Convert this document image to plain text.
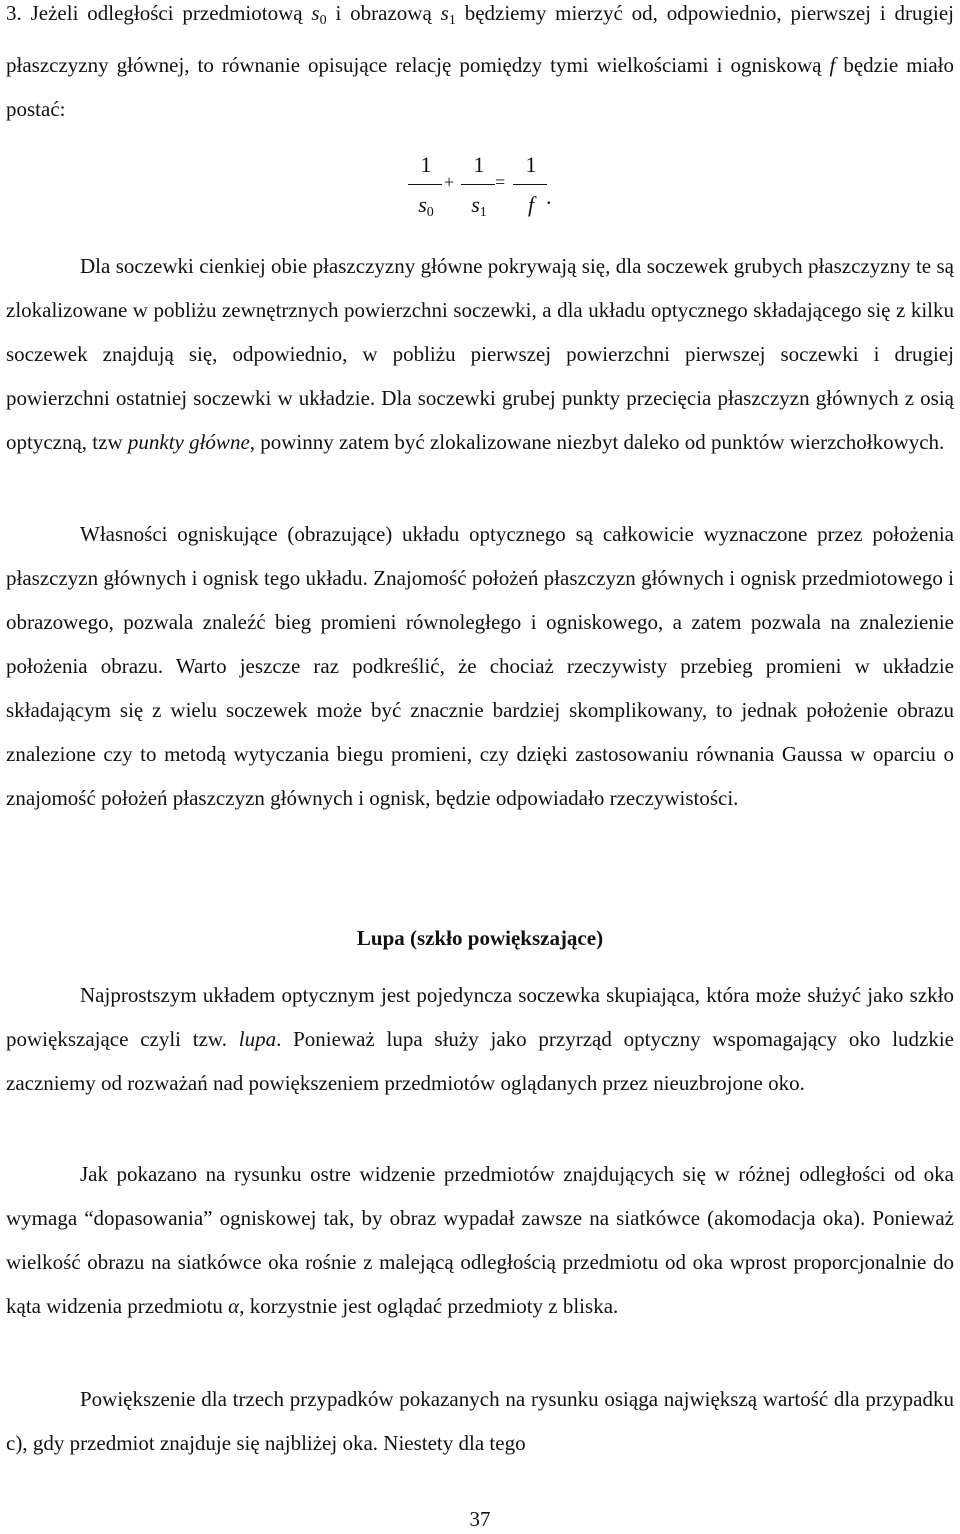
3. Jeżeli odległości przedmiotową $s_0$ i obrazową $s_1$ będziemy mierzyć od, odpowiednio, pierwszej i drugiej płaszczyzny głównej, to równanie opisujące relację pomiędzy tymi wielkościami i ogniskową f będzie miało postać:

1
$s_0$
+
1
$s_1$
=
1
f .

Dla soczewki cienkiej obie płaszczyzny główne pokrywają się, dla soczewek grubych płaszczyzny te są zlokalizowane w pobliżu zewnętrznych powierzchni soczewki, a dla układu optycznego składającego się z kilku soczewek znajdują się, odpowiednio, w pobliżu pierwszej powierzchni pierwszej soczewki i drugiej powierzchni ostatniej soczewki w układzie. Dla soczewki grubej punkty przecięcia płaszczyzn głównych z osią optyczną, tzw punkty główne, powinny zatem być zlokalizowane niezbyt daleko od punktów wierzchołkowych.

Własności ogniskujące (obrazujące) układu optycznego są całkowicie wyznaczone przez położenia płaszczyzn głównych i ognisk tego układu. Znajomość położeń płaszczyzn głównych i ognisk przedmiotowego i obrazowego, pozwala znaleźć bieg promieni równoległego i ogniskowego, a zatem pozwala na znalezienie położenia obrazu. Warto jeszcze raz podkreślić, że chociaż rzeczywisty przebieg promieni w układzie składającym się z wielu soczewek może być znacznie bardziej skomplikowany, to jednak położenie obrazu znalezione czy to metodą wytyczania biegu promieni, czy dzięki zastosowaniu równania Gaussa w oparciu o znajomość położeń płaszczyzn głównych i ognisk, będzie odpowiadało rzeczywistości.

Lupa (szkło powiększające)

Najprostszym układem optycznym jest pojedyncza soczewka skupiająca, która może służyć jako szkło powiększające czyli tzw. lupa. Ponieważ lupa służy jako przyrząd optyczny wspomagający oko ludzkie zaczniemy od rozważań nad powiększeniem przedmiotów oglądanych przez nieuzbrojone oko.

Jak pokazano na rysunku ostre widzenie przedmiotów znajdujących się w różnej odległości od oka wymaga “dopasowania” ogniskowej tak, by obraz wypadał zawsze na siatkówce (akomodacja oka). Ponieważ wielkość obrazu na siatkówce oka rośnie z malejącą odległością przedmiotu od oka wprost proporcjonalnie do kąta widzenia przedmiotu α, korzystnie jest oglądać przedmioty z bliska.

Powiększenie dla trzech przypadków pokazanych na rysunku osiąga największą wartość dla przypadku c), gdy przedmiot znajduje się najbliżej oka. Niestety dla tego

37
